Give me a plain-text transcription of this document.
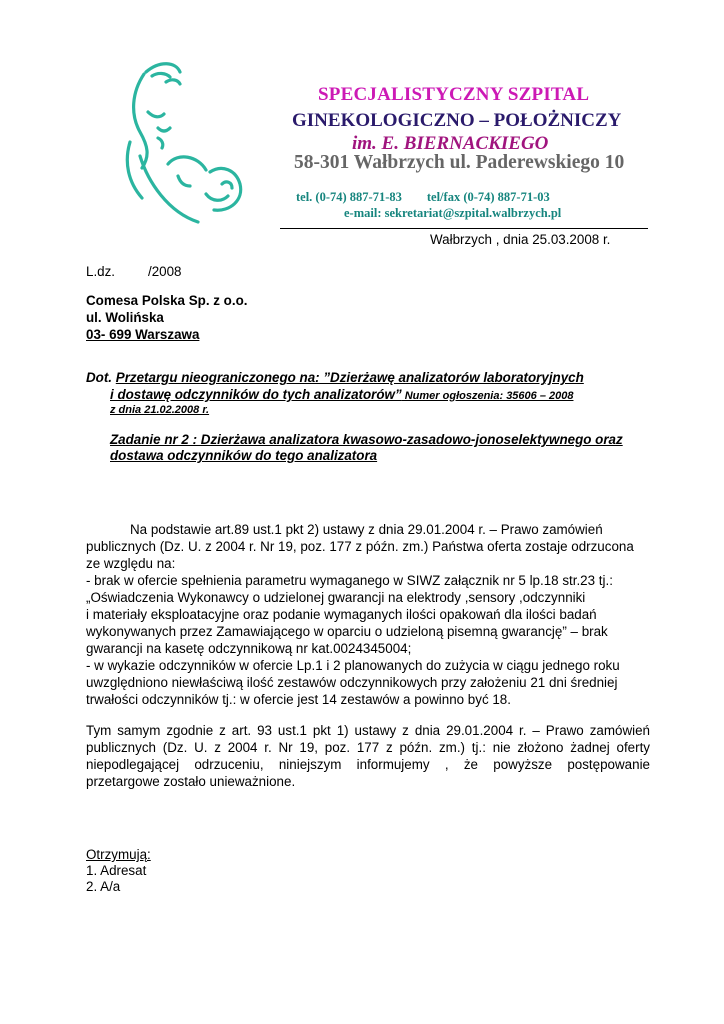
SPECJALISTYCZNY SZPITAL
GINEKOLOGICZNO – POŁOŻNICZY
im. E. BIERNACKIEGO
58-301 Wałbrzych ul. Paderewskiego 10
tel. (0-74) 887-71-83        tel/fax (0-74) 887-71-03
e-mail: sekretariat@szpital.walbrzych.pl
Wałbrzych , dnia 25.03.2008 r.
L.dz. /2008
Comesa Polska Sp. z o.o.
ul. Wolińska
03- 699 Warszawa
Dot. Przetargu nieograniczonego na: ”Dzierżawę analizatorów laboratoryjnych
i dostawę odczynników do tych analizatorów” Numer ogłoszenia: 35606 – 2008
z dnia 21.02.2008 r.
Zadanie nr 2 : Dzierżawa analizatora kwasowo-zasadowo-jonoselektywnego oraz
dostawa odczynników do tego analizatora
Na podstawie art.89 ust.1 pkt 2) ustawy z dnia 29.01.2004 r. – Prawo zamówień
publicznych (Dz. U. z 2004 r. Nr 19, poz. 177 z późn. zm.) Państwa oferta zostaje odrzucona
ze względu na:
- brak w ofercie spełnienia parametru wymaganego w SIWZ załącznik nr 5 lp.18 str.23 tj.:
„Oświadczenia Wykonawcy o udzielonej gwarancji na elektrody ,sensory ,odczynniki
i materiały eksploatacyjne oraz podanie wymaganych ilości opakowań dla ilości badań
wykonywanych przez Zamawiającego w oparciu o udzieloną pisemną gwarancję” – brak
gwarancji na kasetę odczynnikową nr kat.0024345004;
- w wykazie odczynników w ofercie Lp.1 i 2 planowanych do zużycia w ciągu jednego roku
uwzględniono niewłaściwą ilość zestawów odczynnikowych przy założeniu 21 dni średniej
trwałości odczynników tj.: w ofercie jest 14 zestawów a powinno być 18.
Tym samym zgodnie z art. 93 ust.1 pkt 1) ustawy z dnia 29.01.2004 r. – Prawo zamówień
publicznych (Dz. U. z 2004 r. Nr 19, poz. 177 z późn. zm.) tj.: nie złożono żadnej oferty
niepodlegającej odrzuceniu, niniejszym informujemy , że powyższe postępowanie
przetargowe zostało unieważnione.
Otrzymują:
1. Adresat
2. A/a
